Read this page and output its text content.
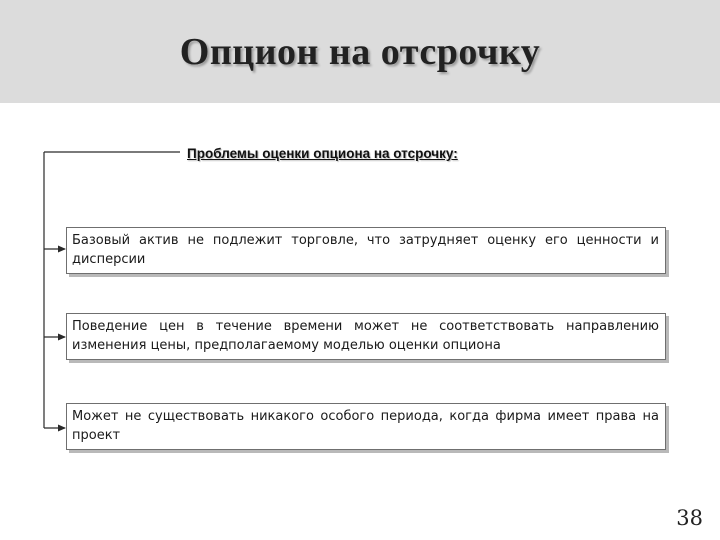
Опцион на отсрочку
Проблемы оценки опциона на отсрочку:
Базовый актив не подлежит торговле, что затрудняет оценку его ценности и дисперсии
Поведение цен в течение времени может не соответствовать направлению изменения цены, предполагаемому моделью оценки опциона
Может не существовать никакого особого периода, когда фирма имеет права на проект
38
